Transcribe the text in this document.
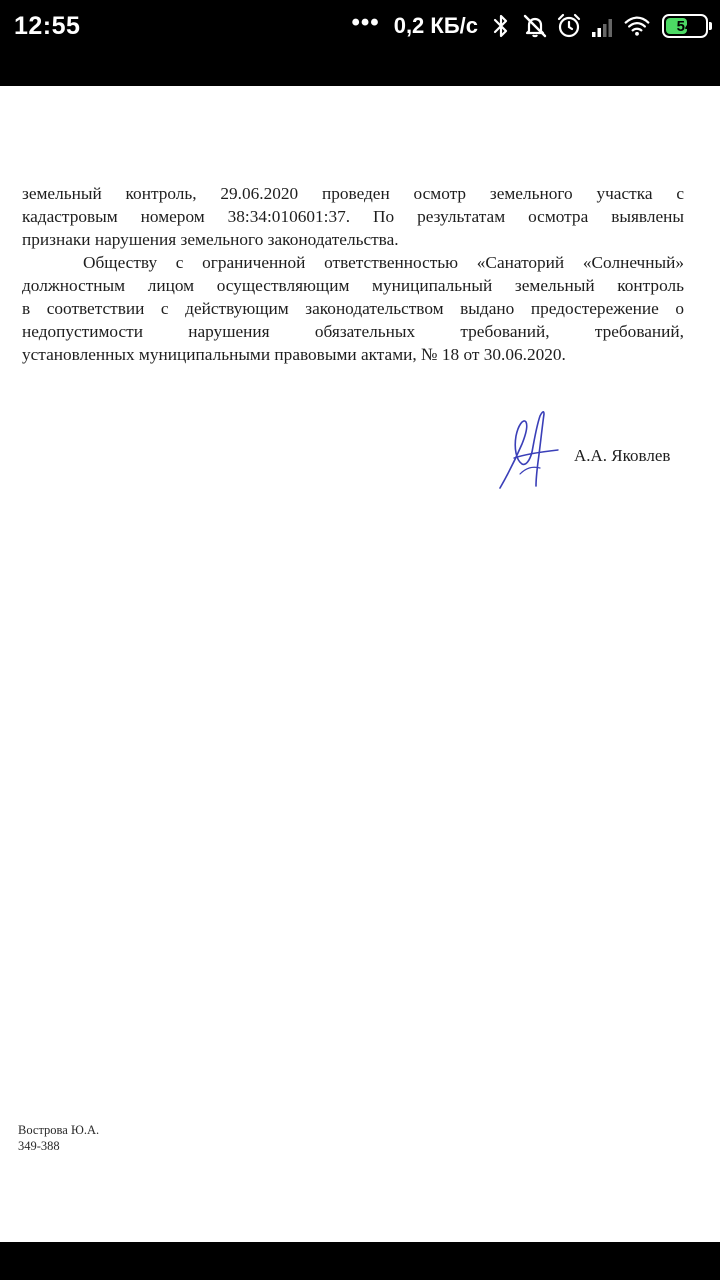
12:55	••• 0,2 КБ/с	54

земельный контроль, 29.06.2020 проведен осмотр земельного участка с
кадастровым номером 38:34:010601:37. По результатам осмотра выявлены
признаки нарушения земельного законодательства.

Обществу с ограниченной ответственностью «Санаторий «Солнечный»
должностным лицом осуществляющим муниципальный земельный контроль
в соответствии с действующим законодательством выдано предостережение о
недопустимости нарушения обязательных требований, требований,
установленных муниципальными правовыми актами, № 18 от 30.06.2020.

А.А. Яковлев
Вострова Ю.А.
349-388
